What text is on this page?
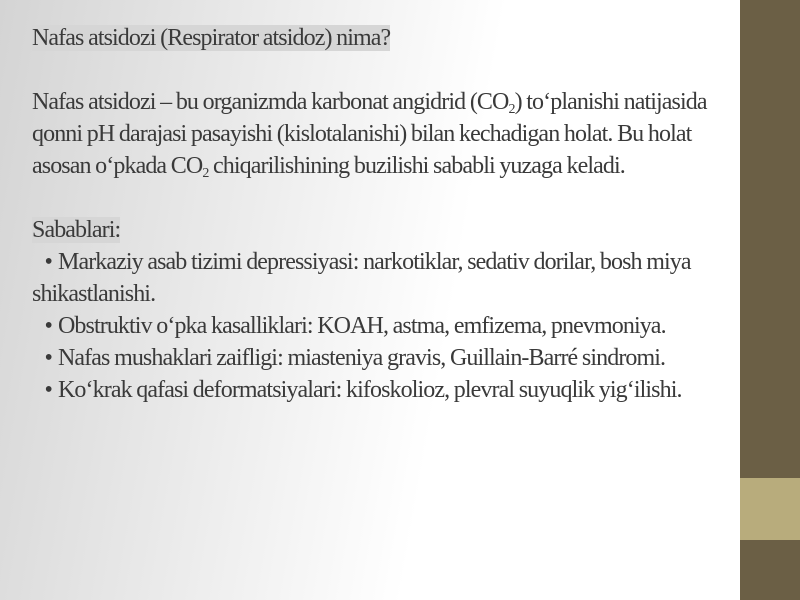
Nafas atsidozi (Respirator atsidoz) nima?

Nafas atsidozi – bu organizmda karbonat angidrid $(CO_2)$ to‘planishi natijasida qonni pH darajasi pasayishi (kislotalanishi) bilan kechadigan holat. Bu holat asosan o‘pkada $CO_2$ chiqarilishining buzilishi sababli yuzaga keladi.

Sabablari:

• Markaziy asab tizimi depressiyasi: narkotiklar, sedativ dorilar, bosh miya shikastlanishi.

• Obstruktiv o‘pka kasalliklari: KOAH, astma, emfizema, pnevmoniya.

• Nafas mushaklari zaifligi: miasteniya gravis, Guillain-Barré sindromi.

• Ko‘krak qafasi deformatsiyalari: kifoskolioz, plevral suyuqlik yig‘ilishi.
